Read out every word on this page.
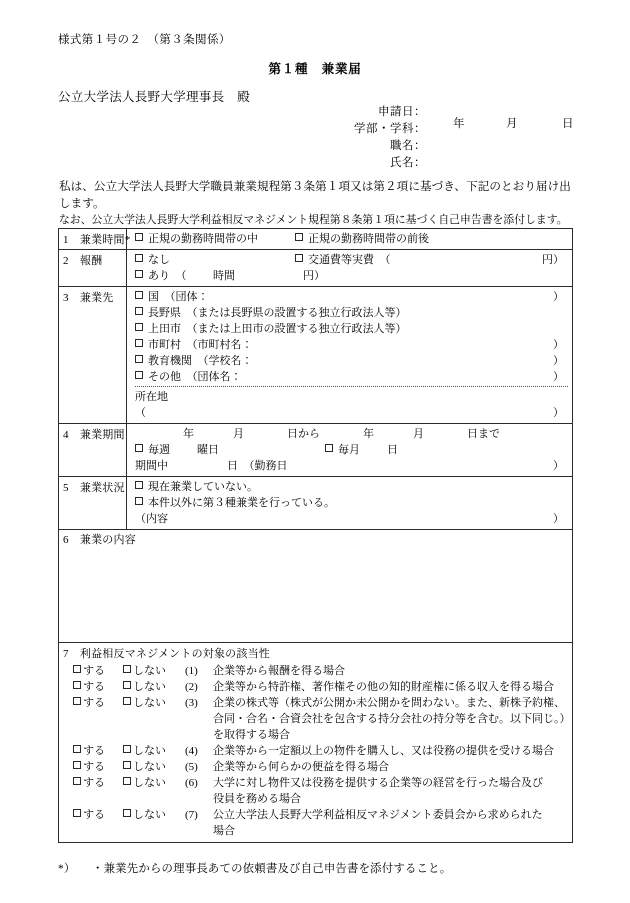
様式第１号の２　（第３条関係）
第１種　兼業届
公立大学法人長野大学理事長　殿
申請日 ：
年	月	日
学部・学科 ：
職名 ：
氏名 ：
私は、公立大学法人長野大学職員兼業規程第３条第１項又は第２項に基づき、下記のとおり届け出
します。
なお、公立大学法人長野大学利益相反マネジメント規程第８条第１項に基づく自己申告書を添付します。
1　兼業時間*	正規の勤務時間帯の中 正規の勤務時間帯の前後

2　報酬	なし	交通費等実費　（	円）
あり　（ 時間	円）

3　兼業先	国　（団体：	）
長野県　（または長野県の設置する独立行政法人等）
上田市　（または上田市の設置する独立行政法人等）
市町村　（市町村名：	）
教育機関　（学校名：	）
その他　（団体名：	）
所在地
（	）

4　兼業期間	年	月	日から	年	月	日まで
毎週 曜日	毎月 日
期間中	日　（勤務日	）

5　兼業状況	現在兼業していない。
本件以外に第３種兼業を行っている。
（内容 ）

6　兼業の内容	

7　利益相反マネジメントの対象の該当性
する	しない	(1)	企業等から報酬を得る場合
する	しない	(2)	企業等から特許権、著作権その他の知的財産権に係る収入を得る場合
する	しない	(3)	企業の株式等（株式が公開か未公開かを問わない。また、新株予約権、
合同・合名・合資会社を包含する持分会社の持分等を含む。以下同じ。）
を取得する場合
する	しない	(4)	企業等から一定額以上の物件を購入し、又は役務の提供を受ける場合
する	しない	(5)	企業等から何らかの便益を得る場合
する	しない	(6)	大学に対し物件又は役務を提供する企業等の経営を行った場合及び
役員を務める場合
する	しない	(7)	公立大学法人長野大学利益相反マネジメント委員会から求められた
場合
*） ・兼業先からの理事長あての依頼書及び自己申告書を添付すること。
